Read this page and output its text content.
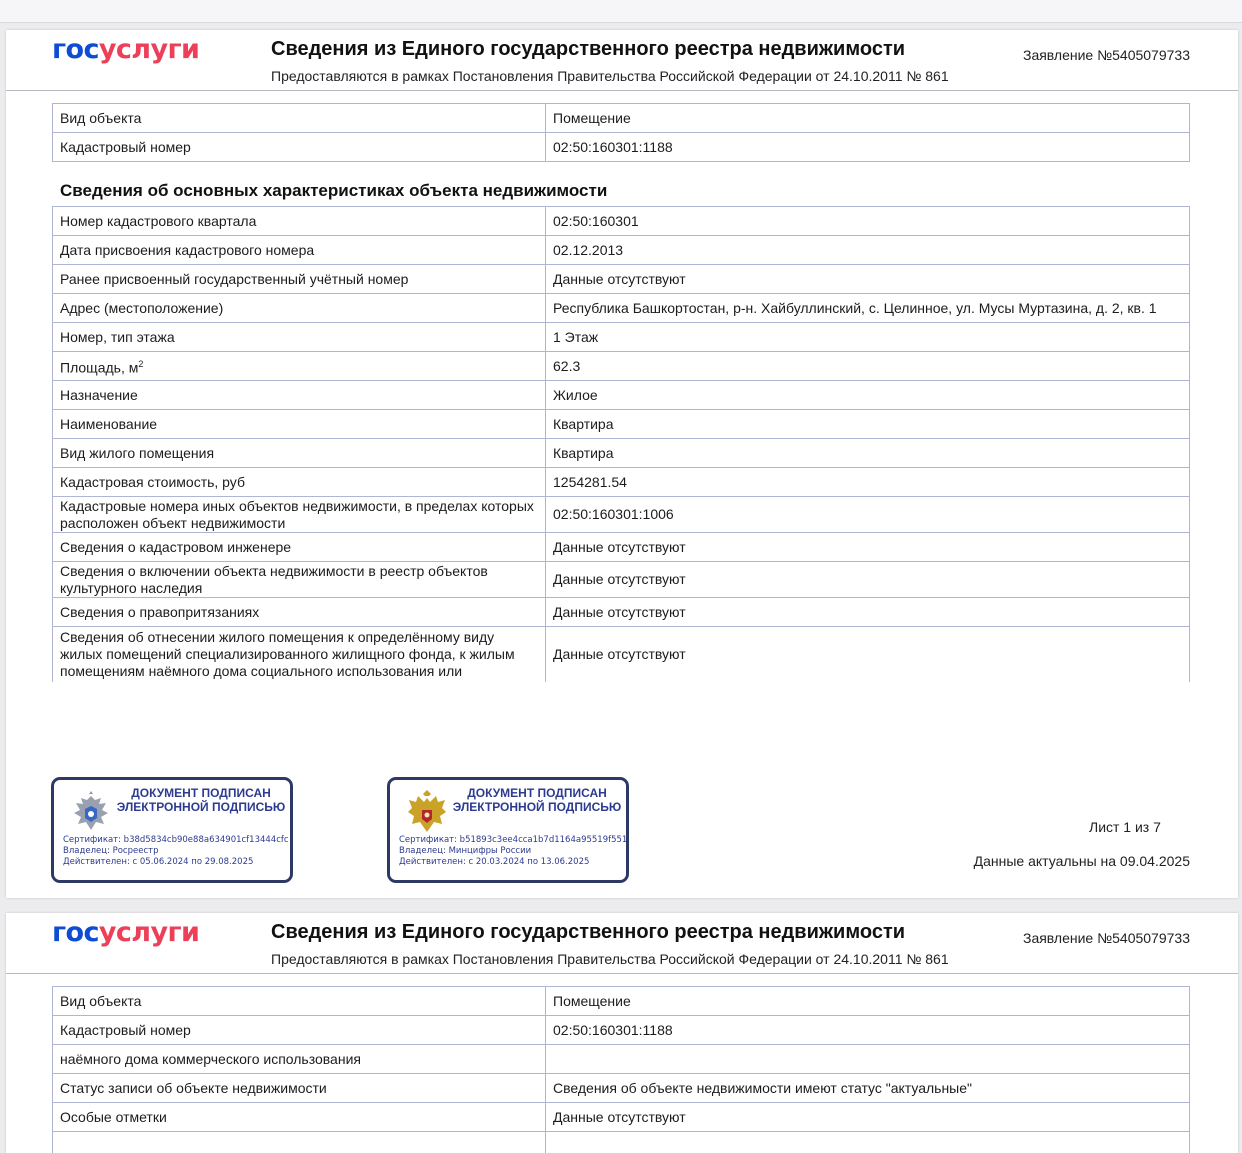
госуслуги	Сведения из Единого государственного реестра недвижимости
Предоставляются в рамках Постановления Правительства Российской Федерации от 24.10.2011 № 861
Заявление №5405079733
Вид объекта	Помещение
Кадастровый номер	02:50:160301:1188
Сведения об основных характеристиках объекта недвижимости
Номер кадастрового квартала	02:50:160301
Дата присвоения кадастрового номера	02.12.2013
Ранее присвоенный государственный учётный номер	Данные отсутствуют
Адрес (местоположение)	Республика Башкортостан, р-н. Хайбуллинский, с. Целинное, ул. Мусы Муртазина, д. 2, кв. 1
Номер, тип этажа	1 Этаж
Площадь, $м^2$	62.3
Назначение	Жилое
Наименование	Квартира
Вид жилого помещения	Квартира
Кадастровая стоимость, руб	1254281.54
Кадастровые номера иных объектов недвижимости, в пределах которых расположен объект недвижимости	02:50:160301:1006
Сведения о кадастровом инженере	Данные отсутствуют
Сведения о включении объекта недвижимости в реестр объектов культурного наследия	Данные отсутствуют
Сведения о правопритязаниях	Данные отсутствуют
Сведения об отнесении жилого помещения к определённому виду жилых помещений специализированного жилищного фонда, к жилым помещениям наёмного дома социального использования или	Данные отсутствуют
ДОКУМЕНТ ПОДПИСАН ЭЛЕКТРОННОЙ ПОДПИСЬЮ
Сертификат: b38d5834cb90e88a634901cf13444cfc
Владелец: Росреестр
Действителен: с 05.06.2024 по 29.08.2025
ДОКУМЕНТ ПОДПИСАН ЭЛЕКТРОННОЙ ПОДПИСЬЮ
Сертификат: b51893c3ee4cca1b7d1164a95519f551
Владелец: Минцифры России
Действителен: с 20.03.2024 по 13.06.2025
Лист 1 из 7
Данные актуальны на 09.04.2025
госуслуги	Сведения из Единого государственного реестра недвижимости
Предоставляются в рамках Постановления Правительства Российской Федерации от 24.10.2011 № 861
Заявление №5405079733
Вид объекта	Помещение
Кадастровый номер	02:50:160301:1188
наёмного дома коммерческого использования	
Статус записи об объекте недвижимости	Сведения об объекте недвижимости имеют статус "актуальные"
Особые отметки	Данные отсутствуют
